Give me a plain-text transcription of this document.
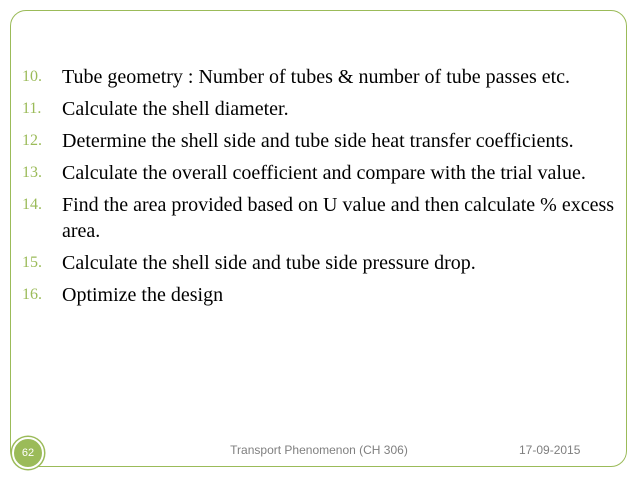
10.	Tube geometry : Number of tubes & number of tube passes etc.
11.	Calculate the shell diameter.
12.	Determine the shell side and tube side heat transfer coefficients.
13.	Calculate the overall coefficient and compare with the trial value.
14.	Find the area provided based on U value and then calculate % excess area.
15.	Calculate the shell side and tube side pressure drop.
16.	Optimize the design
62	Transport Phenomenon (CH 306)	17-09-2015
